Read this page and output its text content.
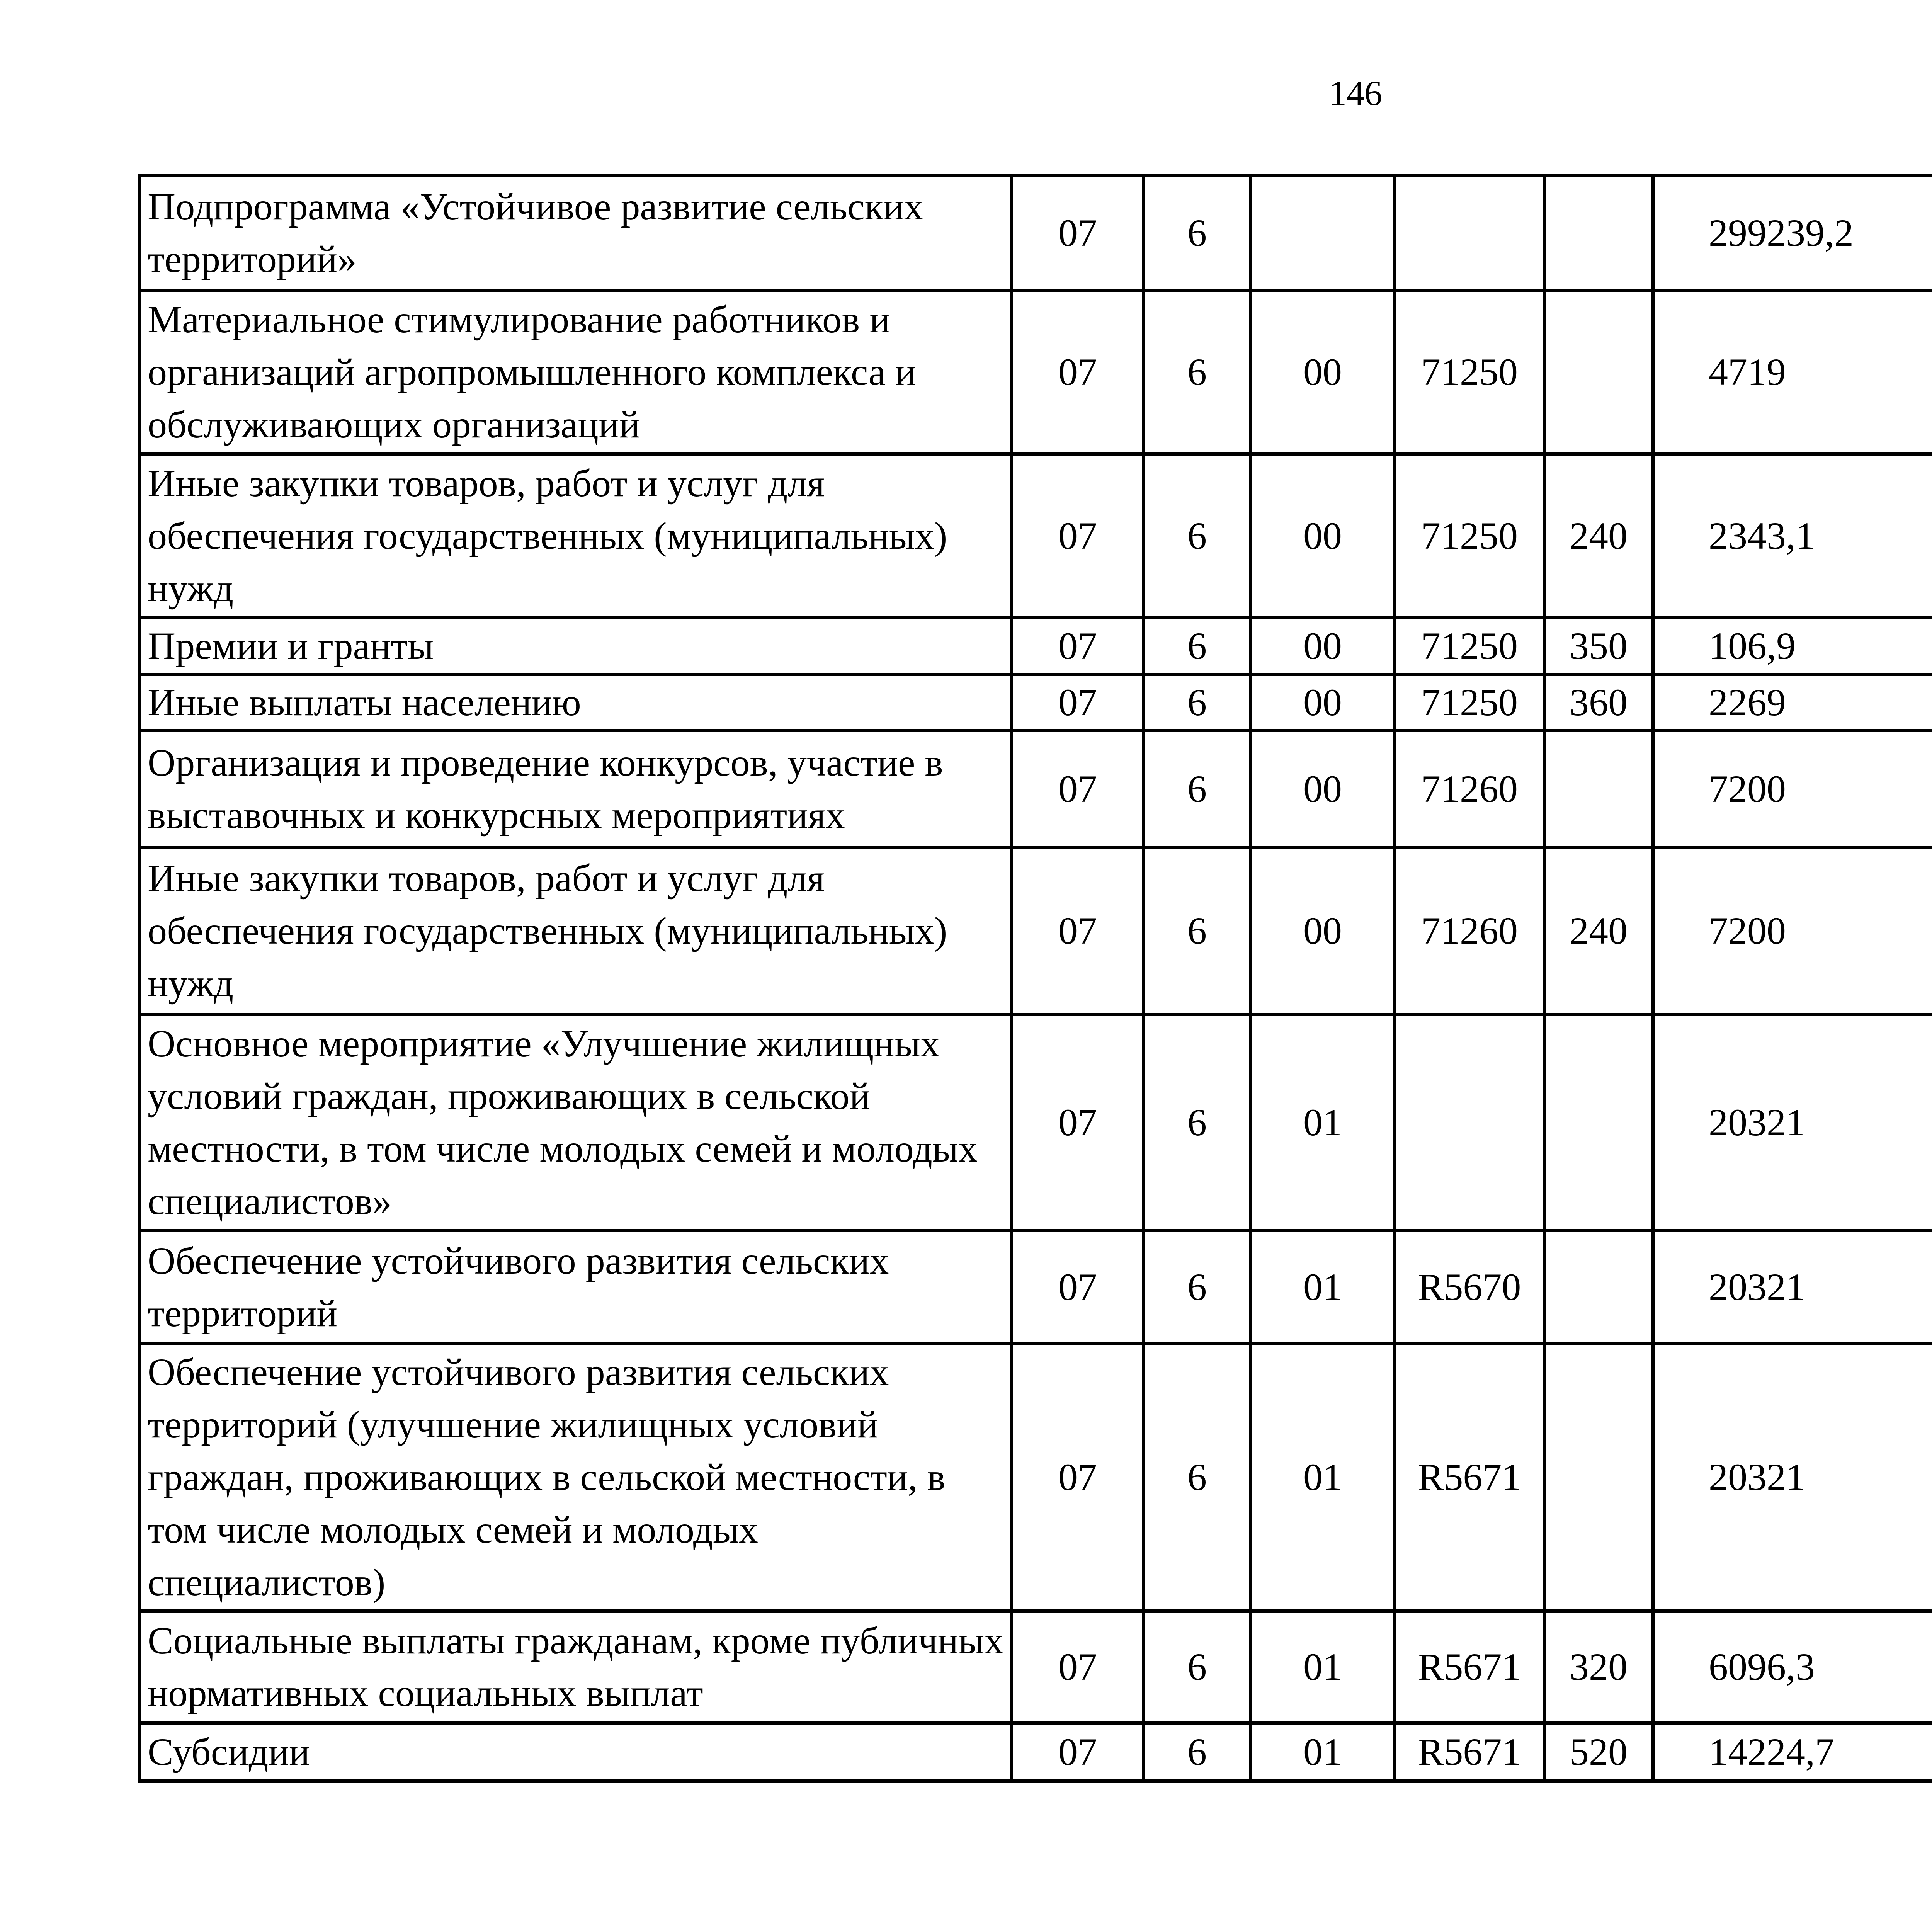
146
Подпрограмма «Устойчивое развитие сельских территорий»	07	6				299239,2		
Материальное стимулирование работников и организаций агропромышленного комплекса и обслуживающих организаций	07	6	00	71250		4719		
Иные закупки товаров, работ и услуг для обеспечения государственных (муниципальных) нужд	07	6	00	71250	240	2343,1		
Премии и гранты	07	6	00	71250	350	106,9		
Иные выплаты населению	07	6	00	71250	360	2269		
Организация и проведение конкурсов, участие в выставочных и конкурсных мероприятиях	07	6	00	71260		7200		
Иные закупки товаров, работ и услуг для обеспечения государственных (муниципальных) нужд	07	6	00	71260	240	7200		
Основное мероприятие «Улучшение жилищных условий граждан, проживающих в сельской местности, в том числе молодых семей и молодых специалистов»	07	6	01			20321		
Обеспечение устойчивого развития сельских территорий	07	6	01	R5670		20321		
Обеспечение устойчивого развития сельских территорий (улучшение жилищных условий граждан, проживающих в сельской местности, в том числе молодых семей и молодых специалистов)	07	6	01	R5671		20321		
Социальные выплаты гражданам, кроме публичных нормативных социальных выплат	07	6	01	R5671	320	6096,3		
Субсидии	07	6	01	R5671	520	14224,7		
